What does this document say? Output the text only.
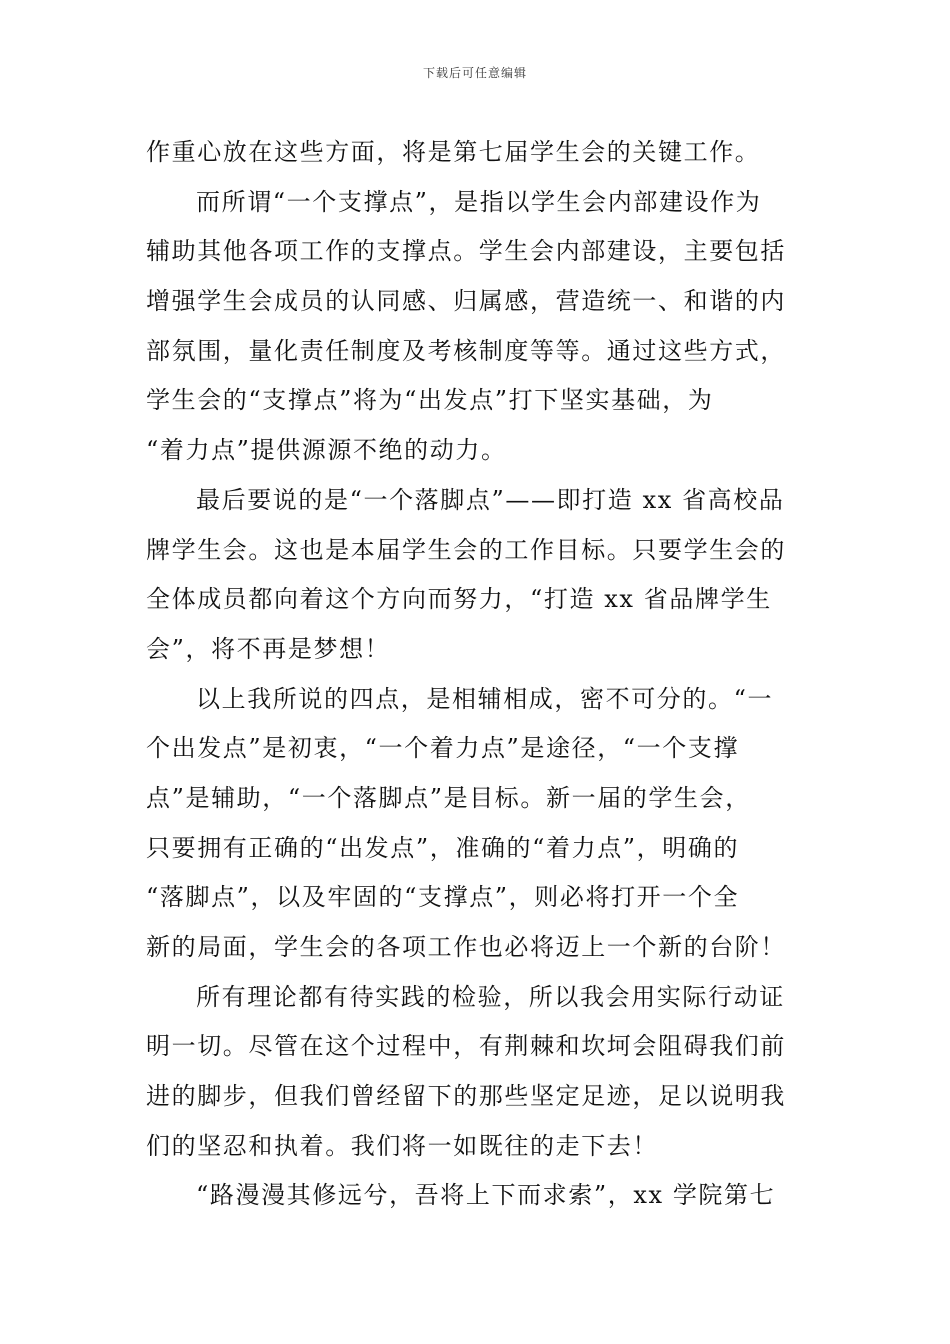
下载后可任意编辑
作重心放在这些方面，将是第七届学生会的关键工作。
而所谓“一个支撑点”，是指以学生会内部建设作为
辅助其他各项工作的支撑点。学生会内部建设，主要包括
增强学生会成员的认同感、归属感，营造统一、和谐的内
部氛围，量化责任制度及考核制度等等。通过这些方式，
学生会的“支撑点”将为“出发点”打下坚实基础，为
“着力点”提供源源不绝的动力。
最后要说的是“一个落脚点”——即打造 xx 省高校品
牌学生会。这也是本届学生会的工作目标。只要学生会的
全体成员都向着这个方向而努力，“打造 xx 省品牌学生
会”，将不再是梦想！
以上我所说的四点，是相辅相成，密不可分的。“一
个出发点”是初衷，“一个着力点”是途径，“一个支撑
点”是辅助，“一个落脚点”是目标。新一届的学生会，
只要拥有正确的“出发点”，准确的“着力点”，明确的
“落脚点”，以及牢固的“支撑点”，则必将打开一个全
新的局面，学生会的各项工作也必将迈上一个新的台阶！
所有理论都有待实践的检验，所以我会用实际行动证
明一切。尽管在这个过程中，有荆棘和坎坷会阻碍我们前
进的脚步，但我们曾经留下的那些坚定足迹，足以说明我
们的坚忍和执着。我们将一如既往的走下去！
“路漫漫其修远兮，吾将上下而求索”，xx 学院第七
